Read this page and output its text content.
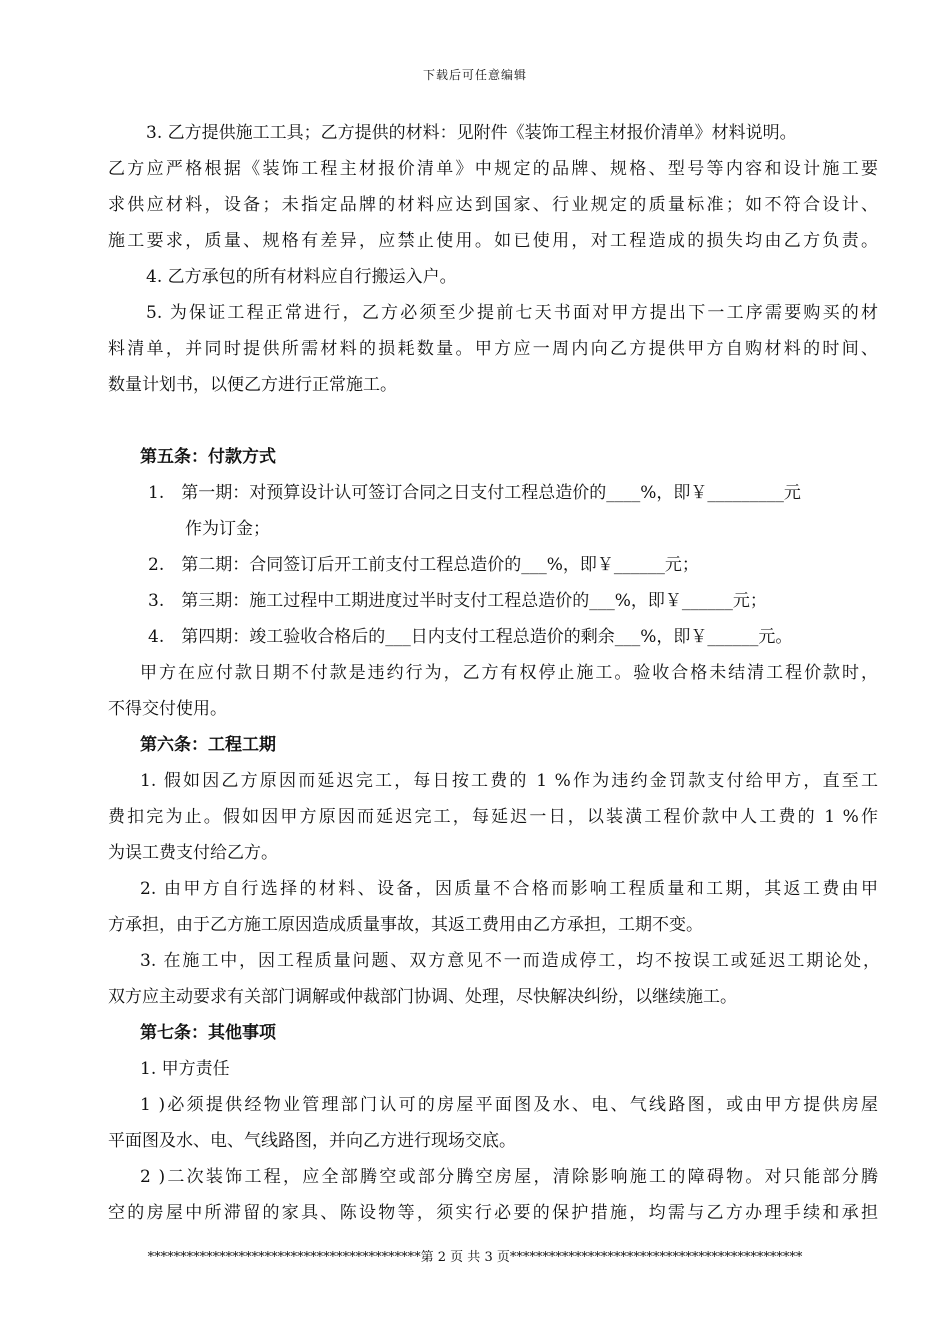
下载后可任意编辑
3. 乙方提供施工工具；乙方提供的材料：见附件《装饰工程主材报价清单》材料说明。
乙方应严格根据《装饰工程主材报价清单》中规定的品牌、规格、型号等内容和设计施工要
求供应材料，设备；未指定品牌的材料应达到国家、行业规定的质量标准；如不符合设计、
施工要求，质量、规格有差异，应禁止使用。如已使用，对工程造成的损失均由乙方负责。
4. 乙方承包的所有材料应自行搬运入户。
5. 为保证工程正常进行，乙方必须至少提前七天书面对甲方提出下一工序需要购买的材
料清单，并同时提供所需材料的损耗数量。甲方应一周内向乙方提供甲方自购材料的时间、
数量计划书，以便乙方进行正常施工。
第五条：付款方式
1.　第一期：对预算设计认可签订合同之日支付工程总造价的____%，即￥_________元
作为订金；
2.　第二期：合同签订后开工前支付工程总造价的___%，即￥______元；
3.　第三期：施工过程中工期进度过半时支付工程总造价的___%，即￥______元；
4.　第四期：竣工验收合格后的___日内支付工程总造价的剩余___%，即￥______元。
甲方在应付款日期不付款是违约行为，乙方有权停止施工。验收合格未结清工程价款时，
不得交付使用。
第六条：工程工期
1. 假如因乙方原因而延迟完工，每日按工费的 1 %作为违约金罚款支付给甲方，直至工
费扣完为止。假如因甲方原因而延迟完工，每延迟一日，以装潢工程价款中人工费的 1 %作
为误工费支付给乙方。
2. 由甲方自行选择的材料、设备，因质量不合格而影响工程质量和工期，其返工费由甲
方承担，由于乙方施工原因造成质量事故，其返工费用由乙方承担，工期不变。
3. 在施工中，因工程质量问题、双方意见不一而造成停工，均不按误工或延迟工期论处，
双方应主动要求有关部门调解或仲裁部门协调、处理，尽快解决纠纷，以继续施工。
第七条：其他事项
1. 甲方责任
1 )必须提供经物业管理部门认可的房屋平面图及水、电、气线路图，或由甲方提供房屋
平面图及水、电、气线路图，并向乙方进行现场交底。
2 )二次装饰工程，应全部腾空或部分腾空房屋，清除影响施工的障碍物。对只能部分腾
空的房屋中所滞留的家具、陈设物等，须实行必要的保护措施，均需与乙方办理手续和承担
******************************************第 2 页 共 3 页*********************************************
